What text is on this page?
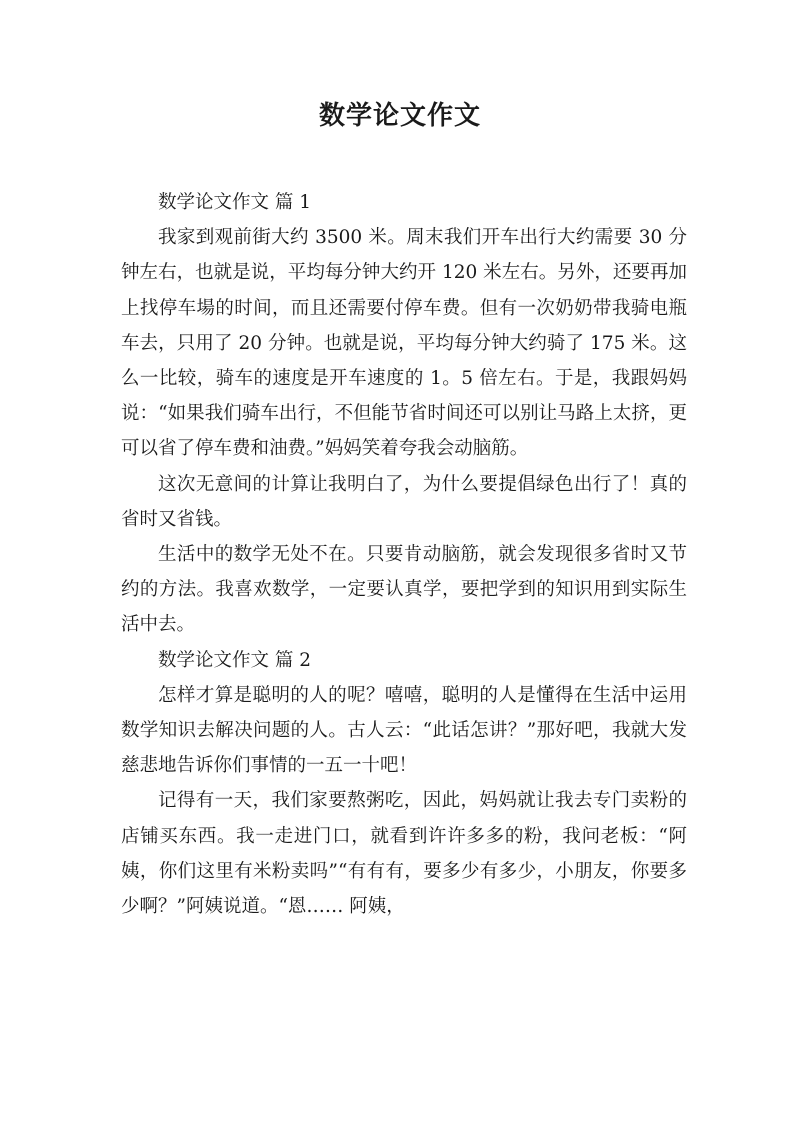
数学论文作文

数学论文作文 篇 1

我家到观前街大约 3500 米。周末我们开车出行大约需要 30 分钟左右，也就是说，平均每分钟大约开 120 米左右。另外，还要再加上找停车場的时间，而且还需要付停车费。但有一次奶奶带我骑电瓶车去，只用了 20 分钟。也就是说，平均每分钟大约骑了 175 米。这么一比较，骑车的速度是开车速度的 1。5 倍左右。于是，我跟妈妈说：“如果我们骑车出行，不但能节省时间还可以别让马路上太挤，更可以省了停车费和油费。”妈妈笑着夸我会动脑筋。

这次无意间的计算让我明白了，为什么要提倡绿色出行了！真的省时又省钱。

生活中的数学无处不在。只要肯动脑筋，就会发现很多省时又节约的方法。我喜欢数学，一定要认真学，要把学到的知识用到实际生活中去。

数学论文作文 篇 2

怎样才算是聪明的人的呢？嘻嘻，聪明的人是懂得在生活中运用数学知识去解决问题的人。古人云：“此话怎讲？”那好吧，我就大发慈悲地告诉你们事情的一五一十吧！

记得有一天，我们家要熬粥吃，因此，妈妈就让我去专门卖粉的店铺买东西。我一走进门口，就看到许许多多的粉，我问老板：“阿姨，你们这里有米粉卖吗”“有有有，要多少有多少，小朋友，你要多少啊？”阿姨说道。“恩…… 阿姨，
